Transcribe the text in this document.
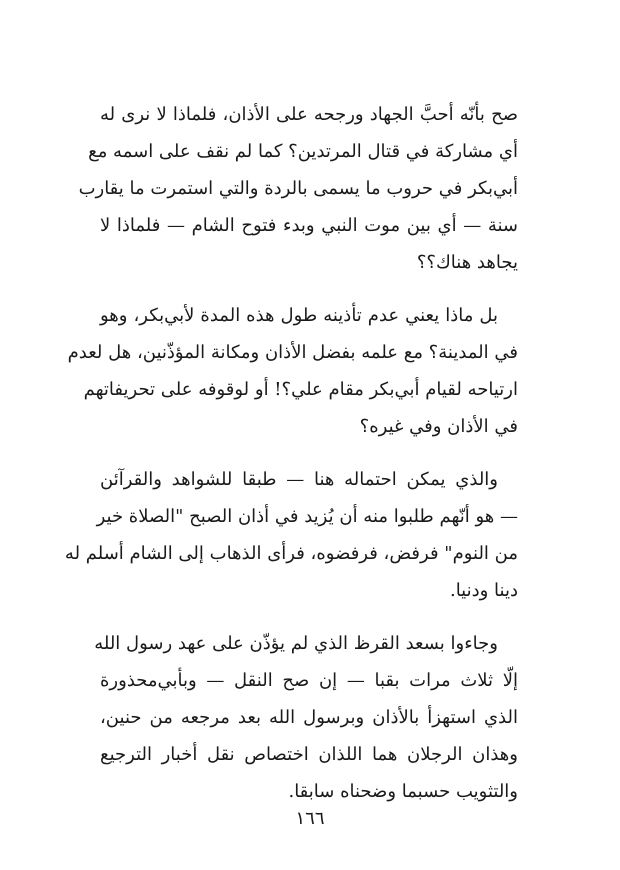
صح بأنّه أحبَّ الجهاد ورجحه على الأذان، فلماذا لا نرى له
أي مشاركة في قتال المرتدين؟ كما لم نقف على اسمه مع
أبي‌بكر في حروب ما يسمى بالردة والتي استمرت ما يقارب
سنة — أي بين موت النبي وبدء فتوح الشام — فلماذا لا
يجاهد هناك؟؟
بل ماذا يعني عدم تأذينه طول هذه المدة لأبي‌بكر، وهو
في المدينة؟ مع علمه بفضل الأذان ومكانة المؤذّنين، هل لعدم
ارتياحه لقيام أبي‌بكر مقام علي؟! أو لوقوفه على تحريفاتهم
في الأذان وفي غيره؟
والذي يمكن احتماله هنا — طبقا للشواهد والقرآئن
— هو أنّهم طلبوا منه أن يُزيد في أذان الصبح "الصلاة خير
من النوم" فرفض، فرفضوه، فرأى الذهاب إلى الشام أسلم له
دينا ودنيا.
وجاءوا بسعد القرظ الذي لم يؤذّن على عهد رسول الله
إلّا ثلاث مرات بقبا — إن صح النقل — وبأبي‌محذورة
الذي استهزأ بالأذان وبرسول الله بعد مرجعه من حنين،
وهذان الرجلان هما اللذان اختصاص نقل أخبار الترجيع
والتثويب حسبما وضحناه سابقا.
١٦٦
